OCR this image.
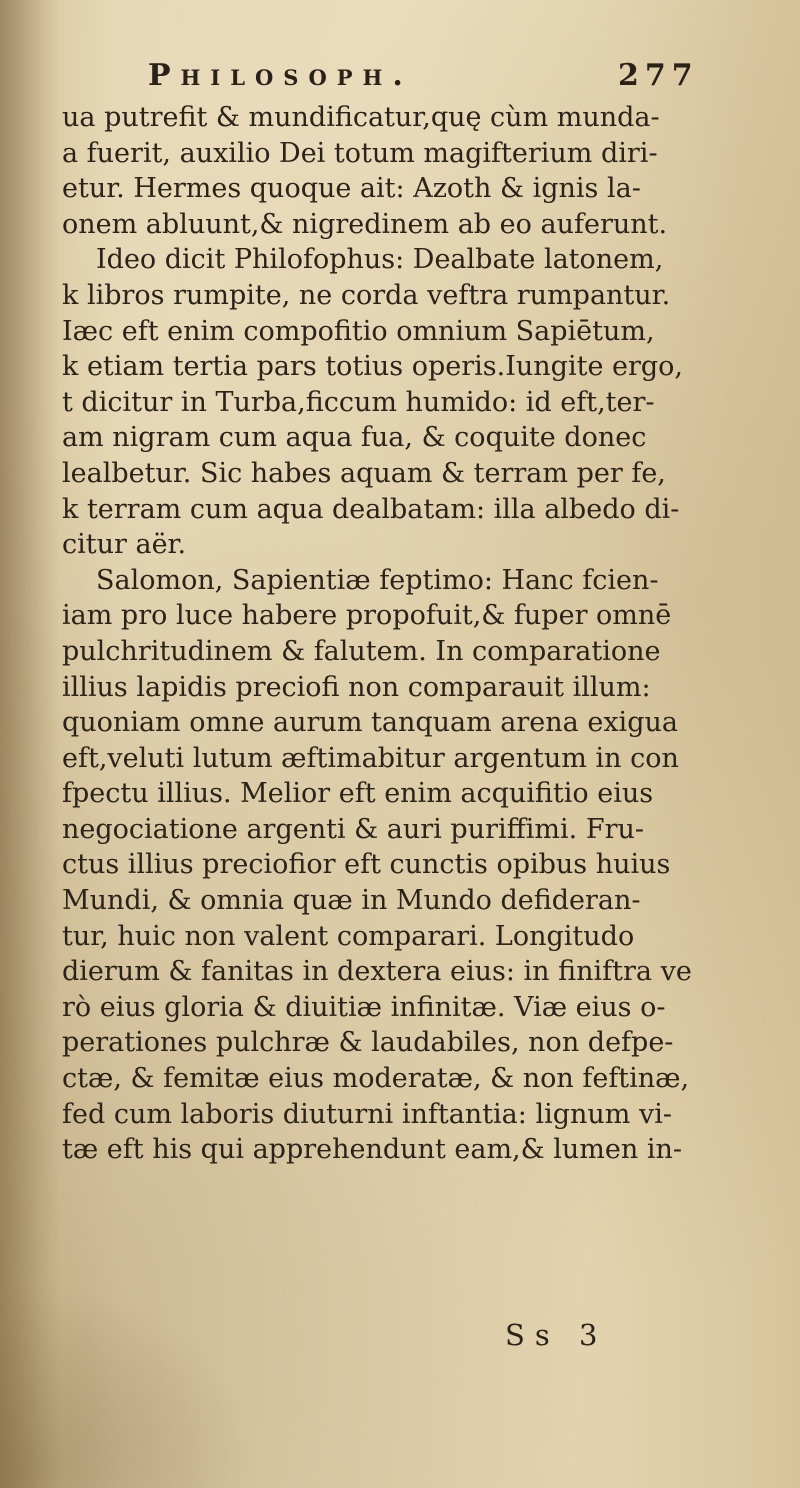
Philosoph.	277
ua putrefit & mundificatur,quę cùm munda-
a fuerit, auxilio Dei totum magifterium diri-
etur. Hermes quoque ait: Azoth & ignis la-
onem abluunt,& nigredinem ab eo auferunt.
Ideo dicit Philofophus: Dealbate latonem,
k libros rumpite, ne corda veftra rumpantur.
Iæc eft enim compofitio omnium Sapiētum,
k etiam tertia pars totius operis.Iungite ergo,
t dicitur in Turba,ficcum humido: id eft,ter-
am nigram cum aqua fua, & coquite donec
lealbetur. Sic habes aquam & terram per fe,
k terram cum aqua dealbatam: illa albedo di-
citur aër.
Salomon, Sapientiæ feptimo: Hanc fcien-
iam pro luce habere propofuit,& fuper omnē
pulchritudinem & falutem. In comparatione
illius lapidis preciofi non comparauit illum:
quoniam omne aurum tanquam arena exigua
eft,veluti lutum æftimabitur argentum in con
fpectu illius. Melior eft enim acquifitio eius
negociatione argenti & auri puriffimi. Fru-
ctus illius preciofior eft cunctis opibus huius
Mundi, & omnia quæ in Mundo defideran-
tur, huic non valent comparari. Longitudo
dierum & fanitas in dextera eius: in finiftra ve
rò eius gloria & diuitiæ infinitæ. Viæ eius o-
perationes pulchræ & laudabiles, non defpe-
ctæ, & femitæ eius moderatæ, & non feftinæ,
fed cum laboris diuturni inftantia: lignum vi-
tæ eft his qui apprehendunt eam,& lumen in-
Ss 3
